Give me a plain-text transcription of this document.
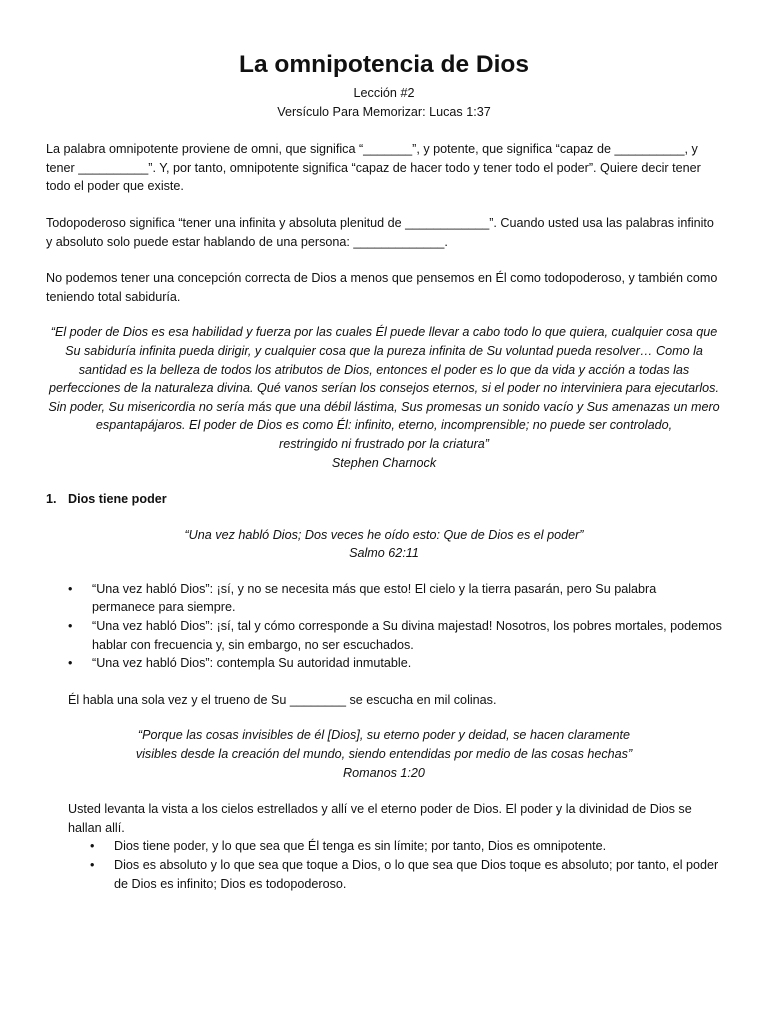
La omnipotencia de Dios

Lección #2

Versículo Para Memorizar: Lucas 1:37

La palabra omnipotente proviene de omni, que significa “_______”, y potente, que significa “capaz de __________, y tener __________”. Y, por tanto, omnipotente significa “capaz de hacer todo y tener todo el poder”. Quiere decir tener todo el poder que existe.

Todopoderoso significa “tener una infinita y absoluta plenitud de ____________”. Cuando usted usa las palabras infinito y absoluto solo puede estar hablando de una persona: _____________.

No podemos tener una concepción correcta de Dios a menos que pensemos en Él como todopoderoso, y también como teniendo total sabiduría.

“El poder de Dios es esa habilidad y fuerza por las cuales Él puede llevar a cabo todo lo que quiera, cualquier cosa que Su sabiduría infinita pueda dirigir, y cualquier cosa que la pureza infinita de Su voluntad pueda resolver… Como la santidad es la belleza de todos los atributos de Dios, entonces el poder es lo que da vida y acción a todas las perfecciones de la naturaleza divina. Qué vanos serían los consejos eternos, si el poder no interviniera para ejecutarlos. Sin poder, Su misericordia no sería más que una débil lástima, Sus promesas un sonido vacío y Sus amenazas un mero espantapájaros. El poder de Dios es como Él: infinito, eterno, incomprensible; no puede ser controlado,
restringido ni frustrado por la criatura”
Stephen Charnock
1. Dios tiene poder
“Una vez habló Dios; Dos veces he oído esto: Que de Dios es el poder”
Salmo 62:11
• “Una vez habló Dios”: ¡sí, y no se necesita más que esto! El cielo y la tierra pasarán, pero Su palabra permanece para siempre.
• “Una vez habló Dios”: ¡sí, tal y cómo corresponde a Su divina majestad! Nosotros, los pobres mortales, podemos hablar con frecuencia y, sin embargo, no ser escuchados.
• “Una vez habló Dios”: contempla Su autoridad inmutable.

Él habla una sola vez y el trueno de Su ________ se escucha en mil colinas.

“Porque las cosas invisibles de él [Dios], su eterno poder y deidad, se hacen claramente
visibles desde la creación del mundo, siendo entendidas por medio de las cosas hechas”
Romanos 1:20

Usted levanta la vista a los cielos estrellados y allí ve el eterno poder de Dios. El poder y la divinidad de Dios se hallan allí.

• Dios tiene poder, y lo que sea que Él tenga es sin límite; por tanto, Dios es omnipotente.
• Dios es absoluto y lo que sea que toque a Dios, o lo que sea que Dios toque es absoluto; por tanto, el poder de Dios es infinito; Dios es todopoderoso.
